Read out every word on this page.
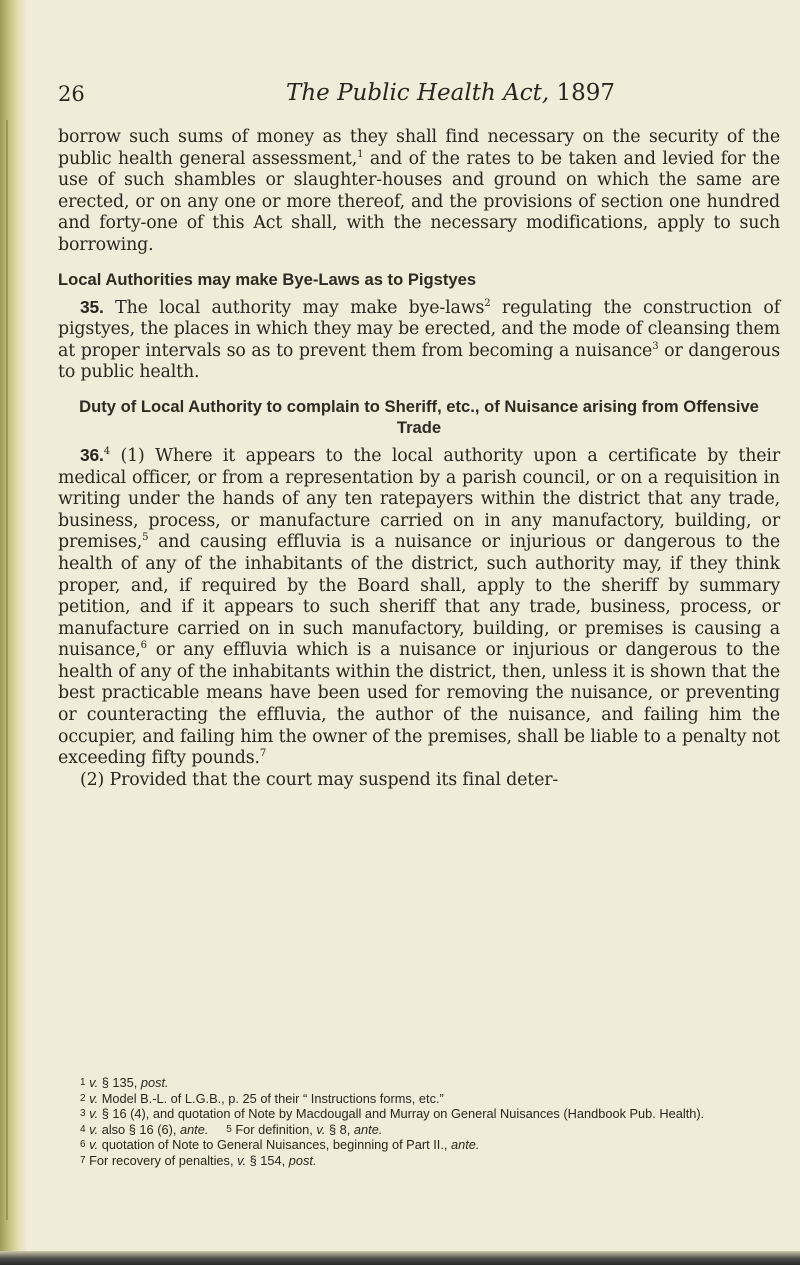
26	The Public Health Act, 1897

borrow such sums of money as they shall find necessary on the security of the public health general assessment,$^1$ and of the rates to be taken and levied for the use of such shambles or slaughter-houses and ground on which the same are erected, or on any one or more thereof, and the provisions of section one hundred and forty-one of this Act shall, with the necessary modifications, apply to such borrowing.

Local Authorities may make Bye-Laws as to Pigstyes

35. The local authority may make bye-laws$^2$ regulating the construction of pigstyes, the places in which they may be erected, and the mode of cleansing them at proper intervals so as to prevent them from becoming a nuisance$^3$ or dangerous to public health.

Duty of Local Authority to complain to Sheriff, etc., of Nuisance arising from Offensive Trade

36.$^4$ (1) Where it appears to the local authority upon a certificate by their medical officer, or from a representation by a parish council, or on a requisition in writing under the hands of any ten ratepayers within the district that any trade, business, process, or manufacture carried on in any manufactory, building, or premises,$^5$ and causing effluvia is a nuisance or injurious or dangerous to the health of any of the inhabitants of the district, such authority may, if they think proper, and, if required by the Board shall, apply to the sheriff by summary petition, and if it appears to such sheriff that any trade, business, process, or manufacture carried on in such manufactory, building, or premises is causing a nuisance,$^6$ or any effluvia which is a nuisance or injurious or dangerous to the health of any of the inhabitants within the district, then, unless it is shown that the best practicable means have been used for removing the nuisance, or preventing or counteracting the effluvia, the author of the nuisance, and failing him the occupier, and failing him the owner of the premises, shall be liable to a penalty not exceeding fifty pounds.$^7$

(2) Provided that the court may suspend its final deter-

1 v. § 135, post.

2 v. Model B.-L. of L.G.B., p. 25 of their “ Instructions forms, etc.”

3 v. § 16 (4), and quotation of Note by Macdougall and Murray on General Nuisances (Handbook Pub. Health).

4 v. also § 16 (6), ante. 5 For definition, v. § 8, ante.

6 v. quotation of Note to General Nuisances, beginning of Part II., ante.

7 For recovery of penalties, v. § 154, post.
